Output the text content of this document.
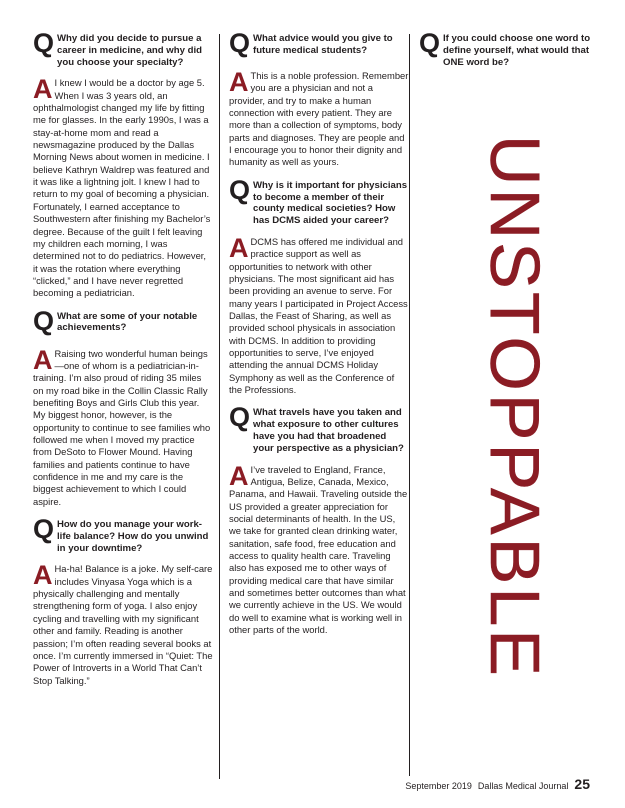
Q Why did you decide to pursue a career in medicine, and why did you choose your specialty?
A I knew I would be a doctor by age 5. When I was 3 years old, an ophthalmologist changed my life by fitting me for glasses. In the early 1990s, I was a stay-at-home mom and read a newsmagazine produced by the Dallas Morning News about women in medicine. I believe Kathryn Waldrep was featured and it was like a lightning jolt. I knew I had to return to my goal of becoming a physician. Fortunately, I earned acceptance to Southwestern after finishing my Bachelor’s degree. Because of the guilt I felt leaving my children each morning, I was determined not to do pediatrics. However, it was the rotation where everything “clicked,” and I have never regretted becoming a pediatrician.
Q What are some of your notable achievements?
A Raising two wonderful human beings—one of whom is a pediatrician-in-training. I’m also proud of riding 35 miles on my road bike in the Collin Classic Rally benefiting Boys and Girls Club this year. My biggest honor, however, is the opportunity to continue to see families who followed me when I moved my practice from DeSoto to Flower Mound. Having families and patients continue to have confidence in me and my care is the biggest achievement to which I could aspire.
Q How do you manage your work-life balance? How do you unwind in your downtime?
A Ha-ha! Balance is a joke. My self-care includes Vinyasa Yoga which is a physically challenging and mentally strengthening form of yoga. I also enjoy cycling and travelling with my significant other and family. Reading is another passion; I’m often reading several books at once. I’m currently immersed in “Quiet: The Power of Introverts in a World That Can’t Stop Talking.”
Q What advice would you give to future medical students?
A This is a noble profession. Remember you are a physician and not a provider, and try to make a human connection with every patient. They are more than a collection of symptoms, body parts and diagnoses. They are people and I encourage you to honor their dignity and humanity as well as yours.
Q Why is it important for physicians to become a member of their county medical societies? How has DCMS aided your career?
ADCMS has offered me individual and practice support as well as opportunities to network with other physicians. The most significant aid has been providing an avenue to serve. For many years I participated in Project Access Dallas, the Feast of Sharing, as well as provided school physicals in association with DCMS. In addition to providing opportunities to serve, I’ve enjoyed attending the annual DCMS Holiday Symphony as well as the Conference of the Professions.
Q What travels have you taken and what exposure to other cultures have you had that broadened your perspective as a physician?
A I’ve traveled to England, France, Antigua, Belize, Canada, Mexico, Panama, and Hawaii. Traveling outside the US provided a greater appreciation for social determinants of health. In the US, we take for granted clean drinking water, sanitation, safe food, free education and access to quality health care. Traveling also has exposed me to other ways of providing medical care that have similar and sometimes better outcomes than what we currently achieve in the US. We would do well to examine what is working well in other parts of the world.
Q If you could choose one word to define yourself, what would that ONE word be?
UNSTOPPABLE
September 2019 Dallas Medical Journal 25
